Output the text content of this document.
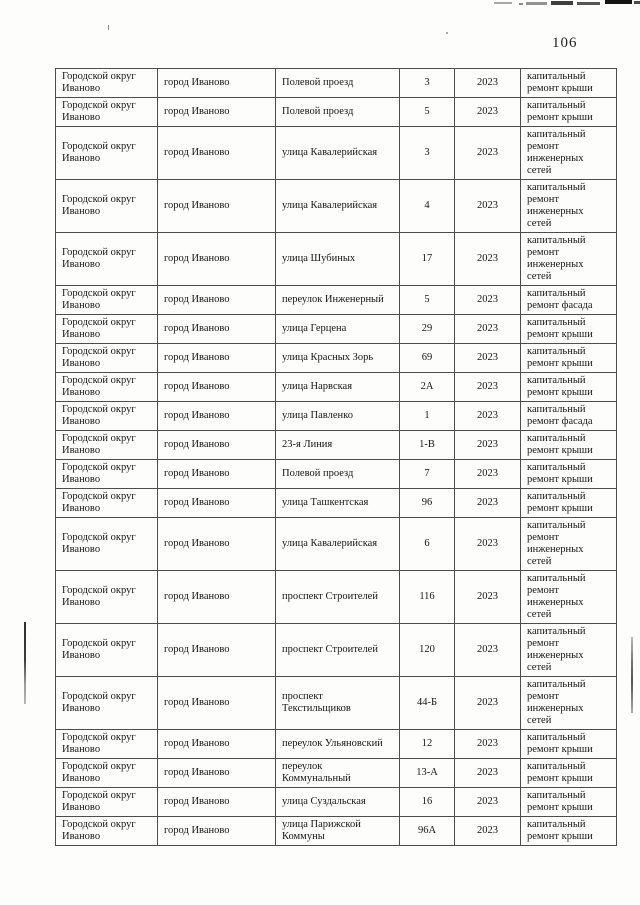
106
Городской округ Иваново	город Иваново	Полевой проезд	3	2023	капитальный ремонт крыши
Городской округ Иваново	город Иваново	Полевой проезд	5	2023	капитальный ремонт крыши
Городской округ Иваново	город Иваново	улица Кавалерийская	3	2023	капитальный ремонт инженерных сетей
Городской округ Иваново	город Иваново	улица Кавалерийская	4	2023	капитальный ремонт инженерных сетей
Городской округ Иваново	город Иваново	улица Шубиных	17	2023	капитальный ремонт инженерных сетей
Городской округ Иваново	город Иваново	переулок Инженерный	5	2023	капитальный ремонт фасада
Городской округ Иваново	город Иваново	улица Герцена	29	2023	капитальный ремонт крыши
Городской округ Иваново	город Иваново	улица Красных Зорь	69	2023	капитальный ремонт крыши
Городской округ Иваново	город Иваново	улица Нарвская	2А	2023	капитальный ремонт крыши
Городской округ Иваново	город Иваново	улица Павленко	1	2023	капитальный ремонт фасада
Городской округ Иваново	город Иваново	23-я Линия	1-В	2023	капитальный ремонт крыши
Городской округ Иваново	город Иваново	Полевой проезд	7	2023	капитальный ремонт крыши
Городской округ Иваново	город Иваново	улица Ташкентская	96	2023	капитальный ремонт крыши
Городской округ Иваново	город Иваново	улица Кавалерийская	6	2023	капитальный ремонт инженерных сетей
Городской округ Иваново	город Иваново	проспект Строителей	116	2023	капитальный ремонт инженерных сетей
Городской округ Иваново	город Иваново	проспект Строителей	120	2023	капитальный ремонт инженерных сетей
Городской округ Иваново	город Иваново	проспект Текстильщиков	44-Б	2023	капитальный ремонт инженерных сетей
Городской округ Иваново	город Иваново	переулок Ульяновский	12	2023	капитальный ремонт крыши
Городской округ Иваново	город Иваново	переулок Коммунальный	13-А	2023	капитальный ремонт крыши
Городской округ Иваново	город Иваново	улица Суздальская	16	2023	капитальный ремонт крыши
Городской округ Иваново	город Иваново	улица Парижской Коммуны	96А	2023	капитальный ремонт крыши
